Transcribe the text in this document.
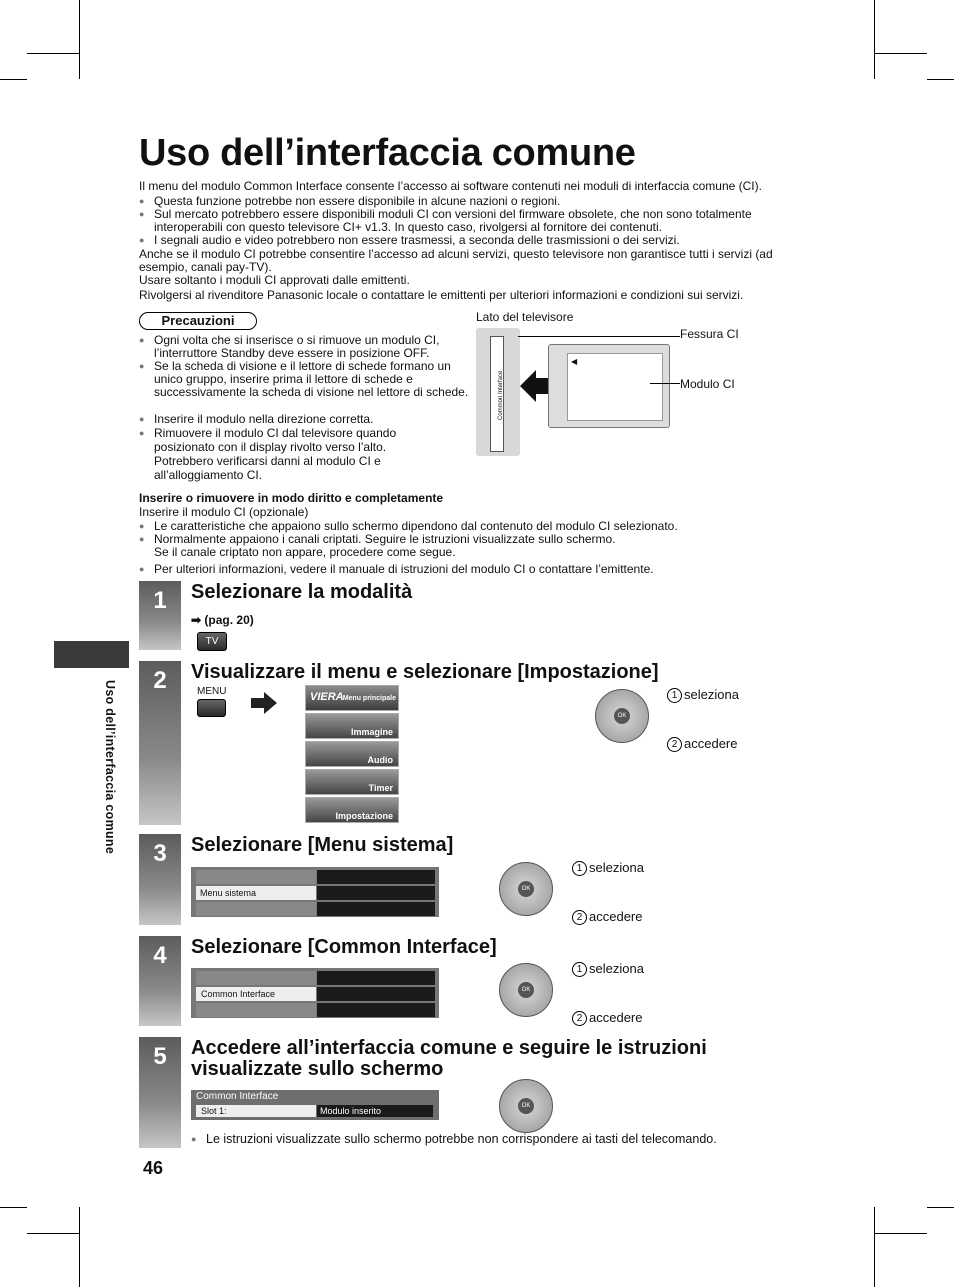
Uso dell’interfaccia comune

Il menu del modulo Common Interface consente l’accesso ai software contenuti nei moduli di interfaccia comune (CI).

● Questa funzione potrebbe non essere disponibile in alcune nazioni o regioni.
● Sul mercato potrebbero essere disponibili moduli CI con versioni del firmware obsolete, che non sono totalmente interoperabili con questo televisore CI+ v1.3. In questo caso, rivolgersi al fornitore dei contenuti.
● I segnali audio e video potrebbero non essere trasmessi, a seconda delle trasmissioni o dei servizi.

Anche se il modulo CI potrebbe consentire l’accesso ad alcuni servizi, questo televisore non garantisce tutti i servizi (ad esempio, canali pay-TV).

Usare soltanto i moduli CI approvati dalle emittenti.

Rivolgersi al rivenditore Panasonic locale o contattare le emittenti per ulteriori informazioni e condizioni sui servizi.

Precauzioni
● Ogni volta che si inserisce o si rimuove un modulo CI, l’interruttore Standby deve essere in posizione OFF.
● Se la scheda di visione e il lettore di schede formano un unico gruppo, inserire prima il lettore di schede e successivamente la scheda di visione nel lettore di schede.
● Inserire il modulo nella direzione corretta.
● Rimuovere il modulo CI dal televisore quando posizionato con il display rivolto verso l’alto. Potrebbero verificarsi danni al modulo CI e all’alloggiamento CI.
Lato del televisore
Common Interface
◀
Fessura CI
Modulo CI

Inserire o rimuovere in modo diritto e completamente

Inserire il modulo CI (opzionale)

● Le caratteristiche che appaiono sullo schermo dipendono dal contenuto del modulo CI selezionato.
● Normalmente appaiono i canali criptati. Seguire le istruzioni visualizzate sullo schermo.

Se il canale criptato non appare, procedere come segue.

● Per ulteriori informazioni, vedere il manuale di istruzioni del modulo CI o contattare l’emittente.
Uso dell’interfaccia comune
1	Selezionare la modalità
➡ (pag. 20)
TV
2	Visualizzare il menu e selezionare [Impostazione]
MENU	VIERA Menu principale
Immagine
Audio
Timer
Impostazione
OK
1 seleziona
2 accedere
3	Selezionare [Menu sistema]
Menu sistema	OK
1 seleziona
2 accedere
4	Selezionare [Common Interface]
Common Interface	OK
1 seleziona
2 accedere
5	Accedere all’interfaccia comune e seguire le istruzioni visualizzate sullo schermo
Common Interface
Slot 1:	Modulo inserito	OK
● Le istruzioni visualizzate sullo schermo potrebbe non corrispondere ai tasti del telecomando.
46
